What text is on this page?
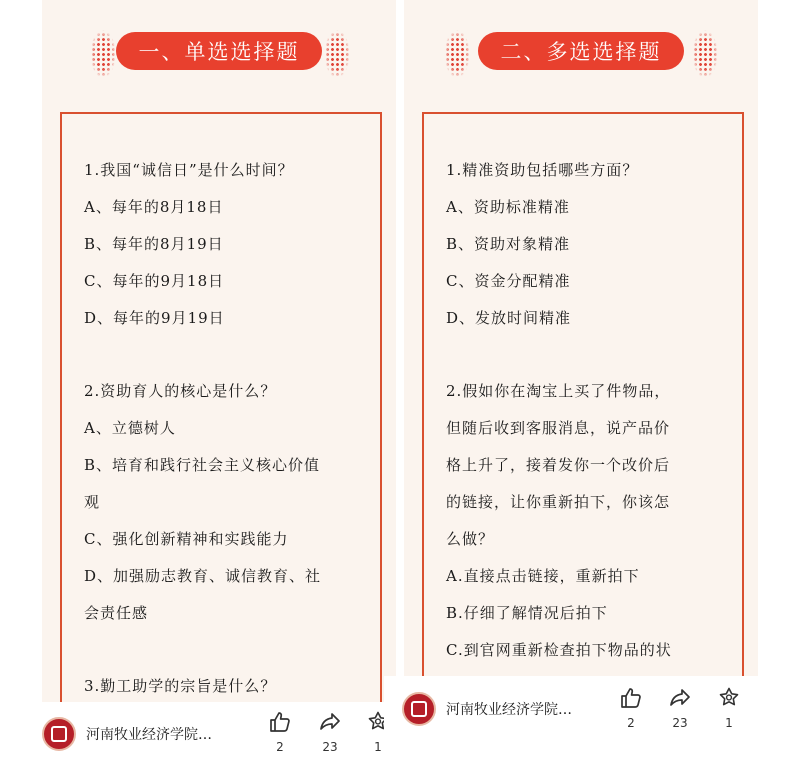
一、单选选择题
1.我国“诚信日”是什么时间？
A、每年的8月18日
B、每年的8月19日
C、每年的9月18日
D、每年的9月19日
2.资助育人的核心是什么？
A、立德树人
B、培育和践行社会主义核心价值
观
C、强化创新精神和实践能力
D、加强励志教育、诚信教育、社
会责任感
3.勤工助学的宗旨是什么？
二、多选选择题
1.精准资助包括哪些方面？
A、资助标准精准
B、资助对象精准
C、资金分配精准
D、发放时间精准
2.假如你在淘宝上买了件物品，
但随后收到客服消息，说产品价
格上升了，接着发你一个改价后
的链接，让你重新拍下，你该怎
么做？
A.直接点击链接，重新拍下
B.仔细了解情况后拍下
C.到官网重新检查拍下物品的状
河南牧业经济学院…
2	23	1
河南牧业经济学院…
2	23	1
